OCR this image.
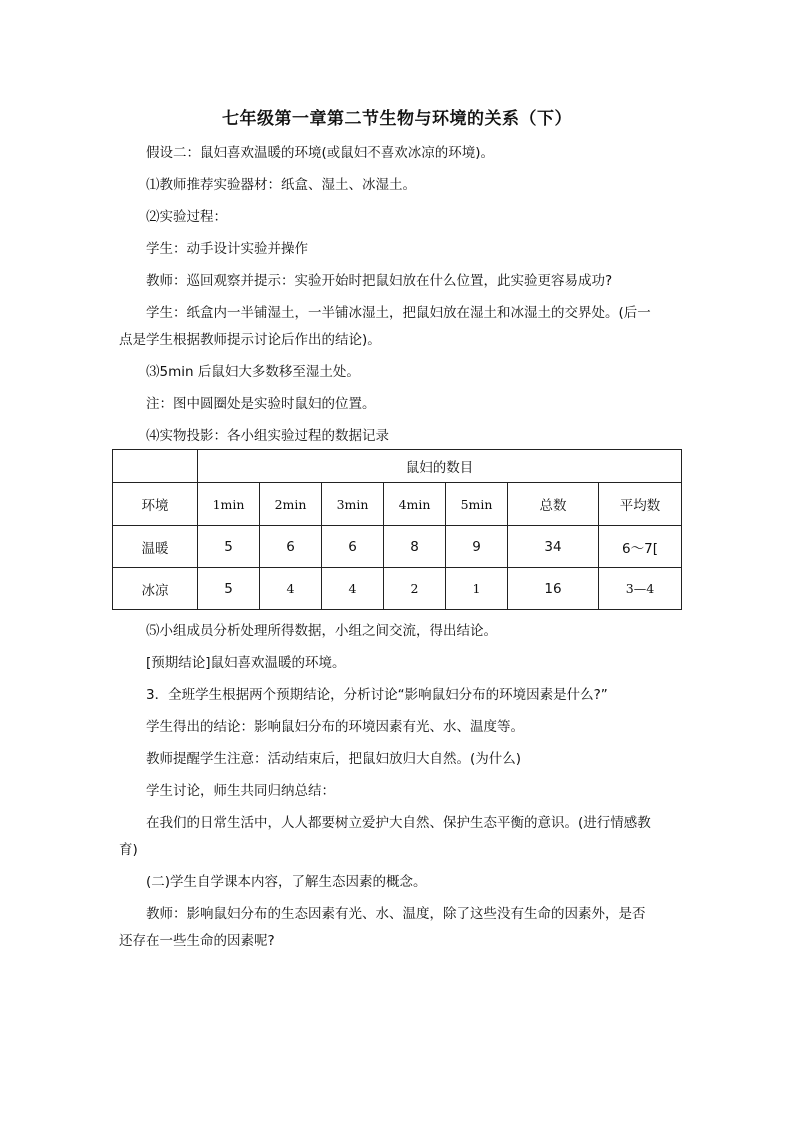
七年级第一章第二节生物与环境的关系（下）
假设二：鼠妇喜欢温暖的环境(或鼠妇不喜欢冰凉的环境)。
⑴教师推荐实验器材：纸盒、湿土、冰湿土。
⑵实验过程：
学生：动手设计实验并操作
教师：巡回观察并提示：实验开始时把鼠妇放在什么位置，此实验更容易成功?
学生：纸盒内一半铺湿土，一半铺冰湿土，把鼠妇放在湿土和冰湿土的交界处。(后一
点是学生根据教师提示讨论后作出的结论)。
⑶5min 后鼠妇大多数移至湿土处。
注：图中圆圈处是实验时鼠妇的位置。
⑷实物投影：各小组实验过程的数据记录
	鼠妇的数目						
环境	1min	2min	3min	4min	5min	总数	平均数
温暖	5	6	6	8	9	34	6～7[
冰凉	5	4	4	2	1	16	3—4
⑸小组成员分析处理所得数据，小组之间交流，得出结论。
[预期结论]鼠妇喜欢温暖的环境。
3．全班学生根据两个预期结论，分析讨论“影响鼠妇分布的环境因素是什么?”
学生得出的结论：影响鼠妇分布的环境因素有光、水、温度等。
教师提醒学生注意：活动结束后，把鼠妇放归大自然。(为什么)
学生讨论，师生共同归纳总结：
在我们的日常生活中，人人都要树立爱护大自然、保护生态平衡的意识。(进行情感教
育)
(二)学生自学课本内容，了解生态因素的概念。
教师：影响鼠妇分布的生态因素有光、水、温度，除了这些没有生命的因素外，是否
还存在一些生命的因素呢?
